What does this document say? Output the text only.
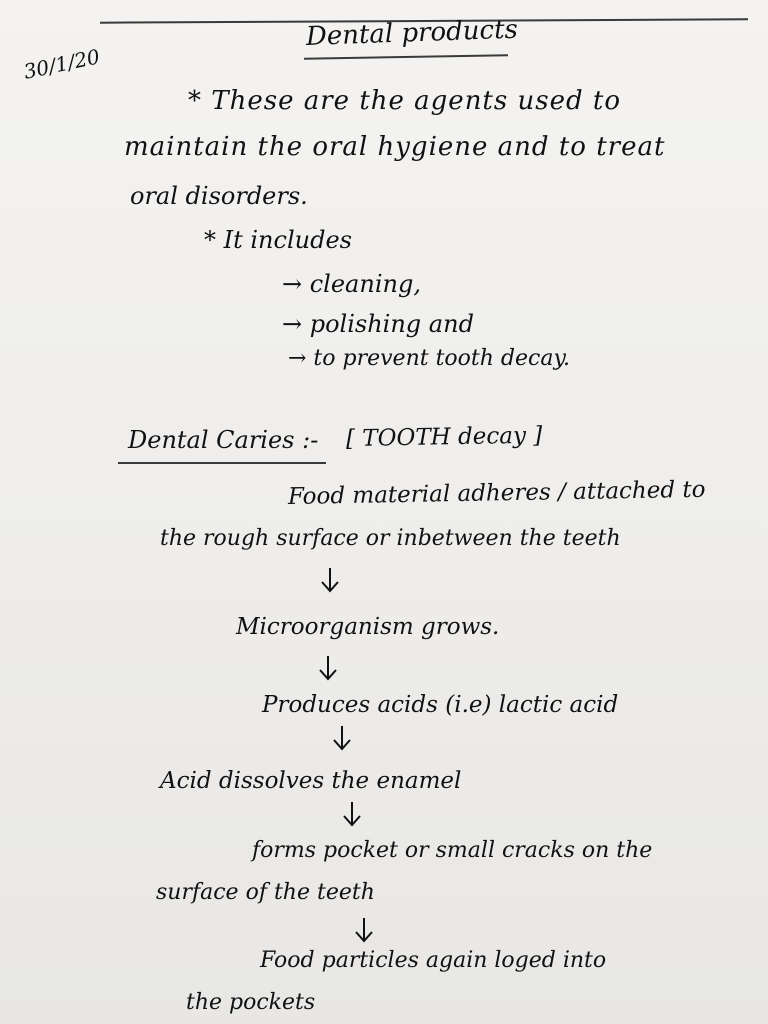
Dental products
30/1/20
* These are the agents used to
maintain the oral hygiene and to treat
oral disorders.
* It includes
→ cleaning,
→ polishing and
→ to prevent tooth decay.
Dental Caries :- [ TOOTH decay ]
Food material adheres / attached to
the rough surface or inbetween the teeth
Microorganism grows.
Produces acids (i.e) lactic acid
Acid dissolves the enamel
forms pocket or small cracks on the
surface of the teeth
Food particles again loged into
the pockets
